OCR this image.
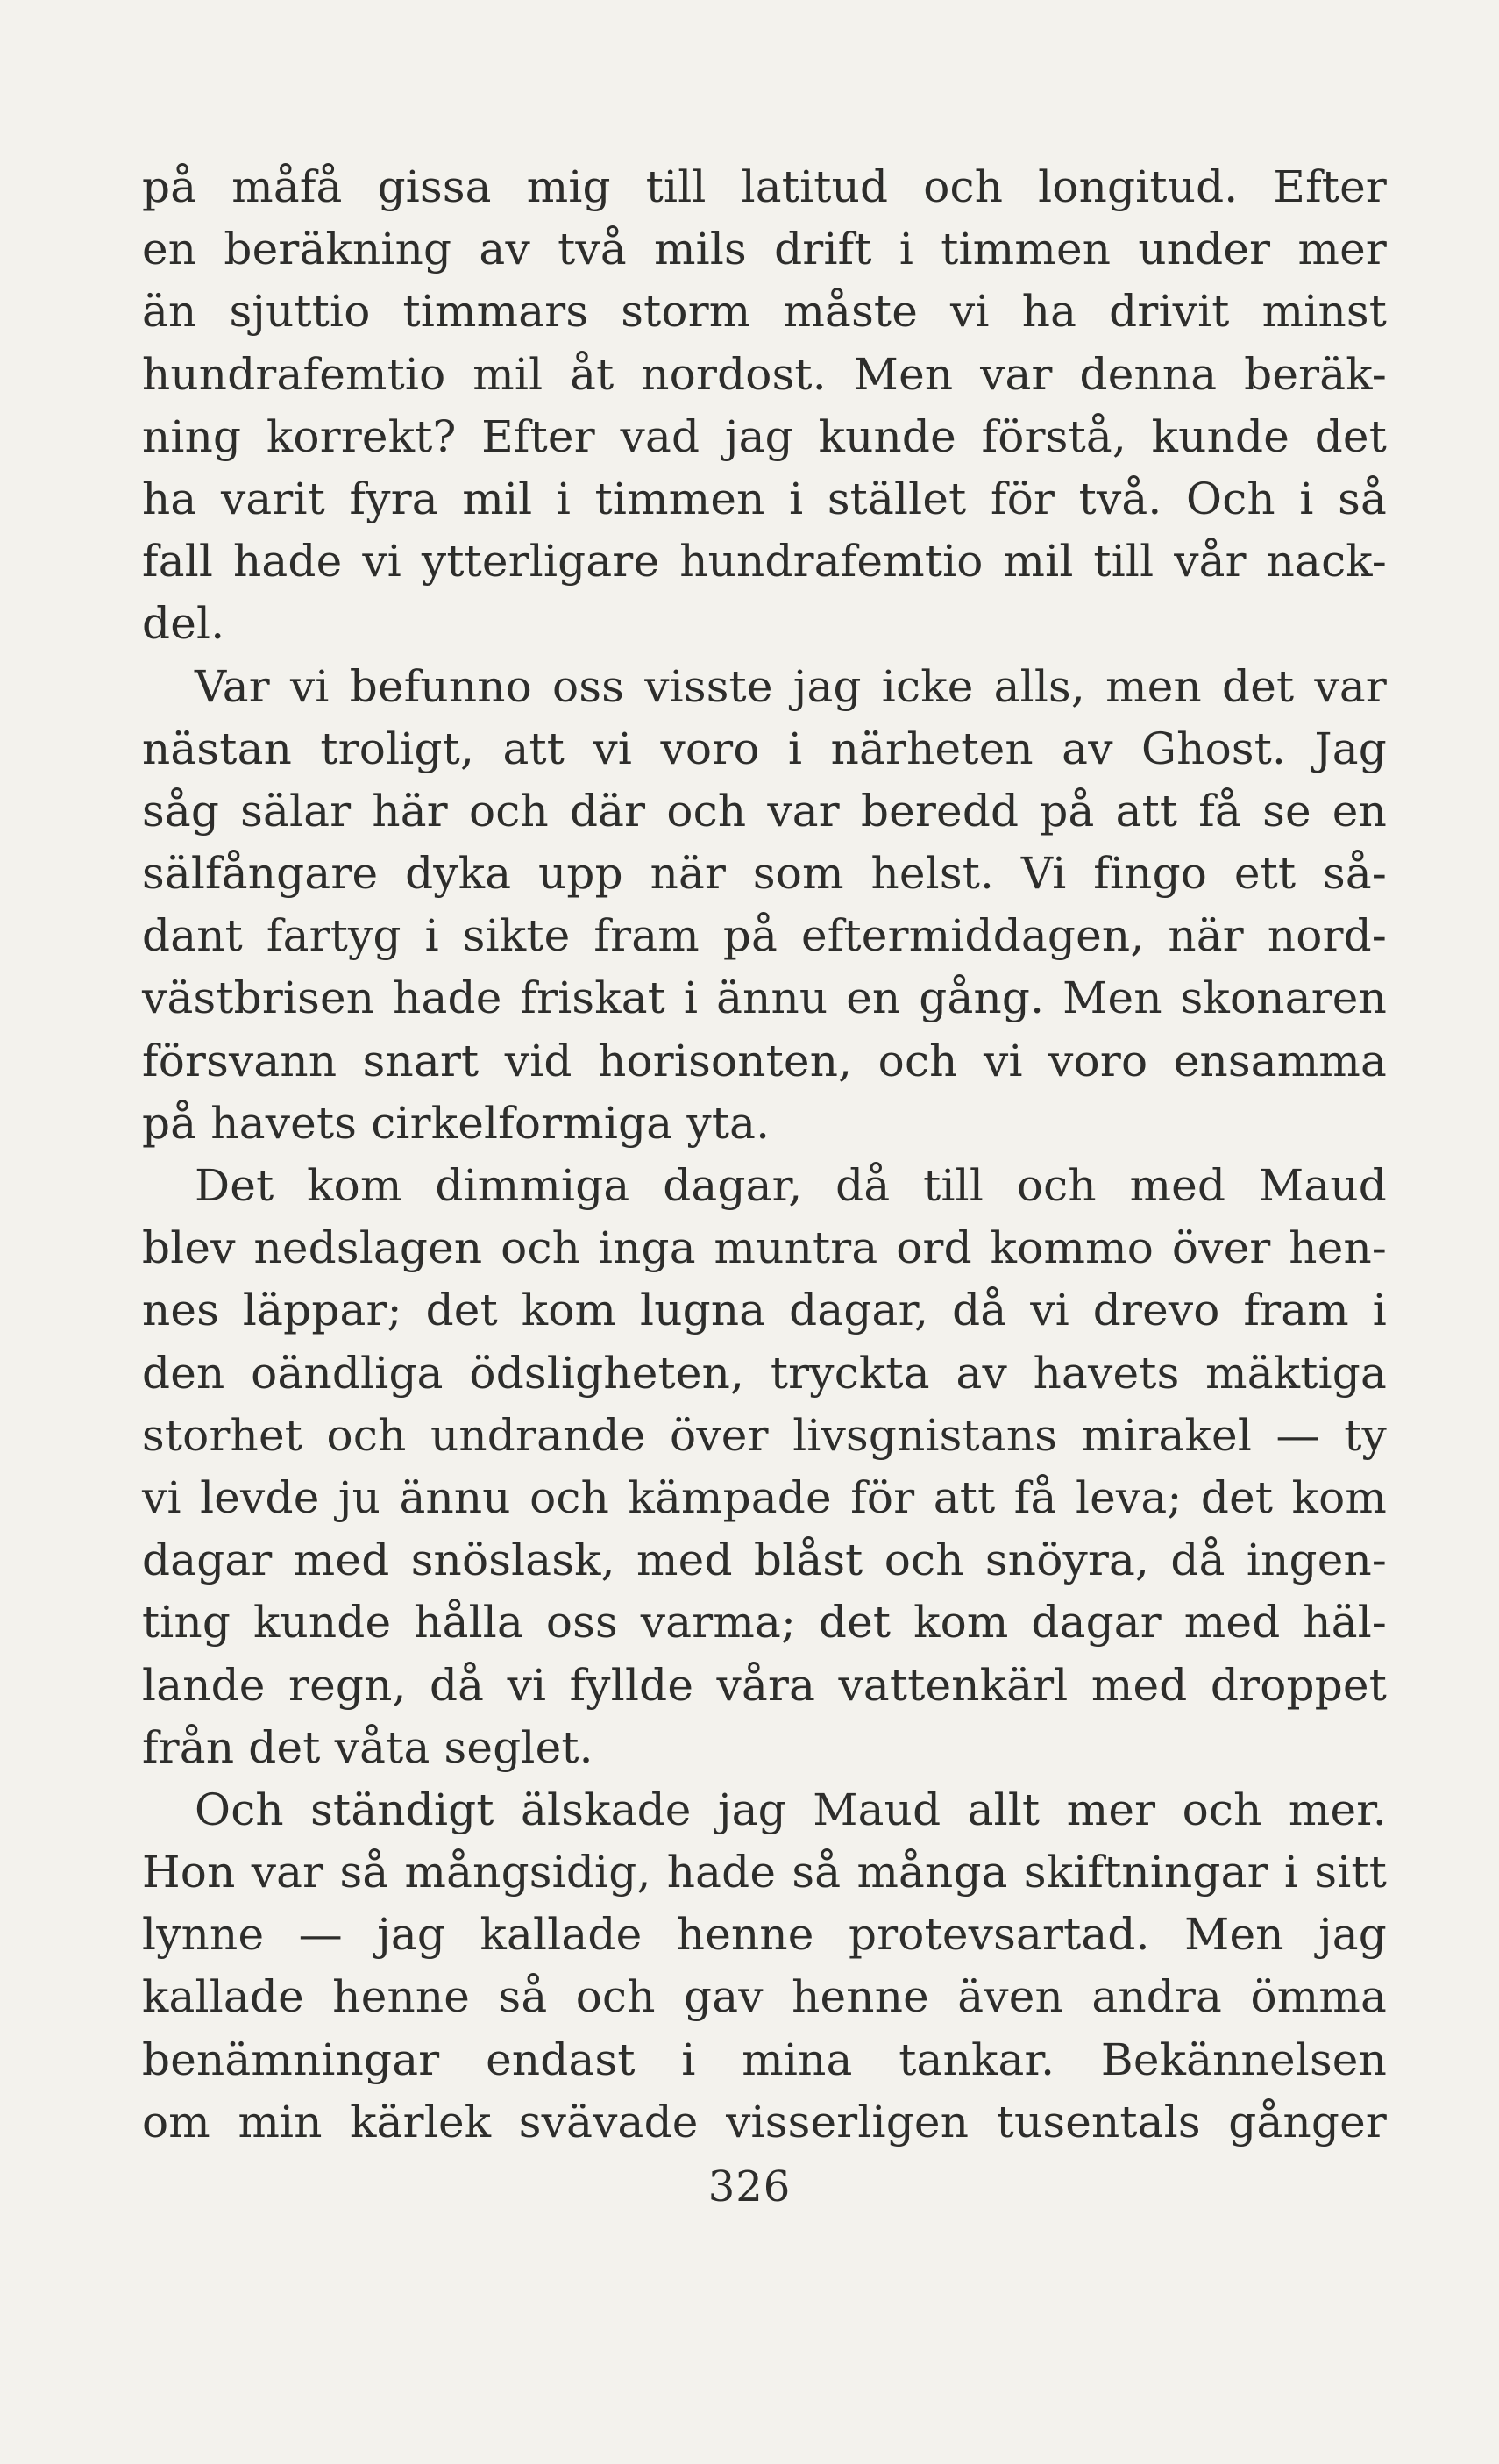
på måfå gissa mig till latitud och longitud. Efter
en beräkning av två mils drift i timmen under mer
än sjuttio timmars storm måste vi ha drivit minst
hundrafemtio mil åt nordost. Men var denna beräk-
ning korrekt? Efter vad jag kunde förstå, kunde det
ha varit fyra mil i timmen i stället för två. Och i så
fall hade vi ytterligare hundrafemtio mil till vår nack-
del.
Var vi befunno oss visste jag icke alls, men det var
nästan troligt, att vi voro i närheten av Ghost. Jag
såg sälar här och där och var beredd på att få se en
sälfångare dyka upp när som helst. Vi fingo ett så-
dant fartyg i sikte fram på eftermiddagen, när nord-
västbrisen hade friskat i ännu en gång. Men skonaren
försvann snart vid horisonten, och vi voro ensamma
på havets cirkelformiga yta.
Det kom dimmiga dagar, då till och med Maud
blev nedslagen och inga muntra ord kommo över hen-
nes läppar; det kom lugna dagar, då vi drevo fram i
den oändliga ödsligheten, tryckta av havets mäktiga
storhet och undrande över livsgnistans mirakel — ty
vi levde ju ännu och kämpade för att få leva; det kom
dagar med snöslask, med blåst och snöyra, då ingen-
ting kunde hålla oss varma; det kom dagar med häl-
lande regn, då vi fyllde våra vattenkärl med droppet
från det våta seglet.
Och ständigt älskade jag Maud allt mer och mer.
Hon var så mångsidig, hade så många skiftningar i sitt
lynne — jag kallade henne protevsartad. Men jag
kallade henne så och gav henne även andra ömma
benämningar endast i mina tankar. Bekännelsen
om min kärlek svävade visserligen tusentals gånger
326
